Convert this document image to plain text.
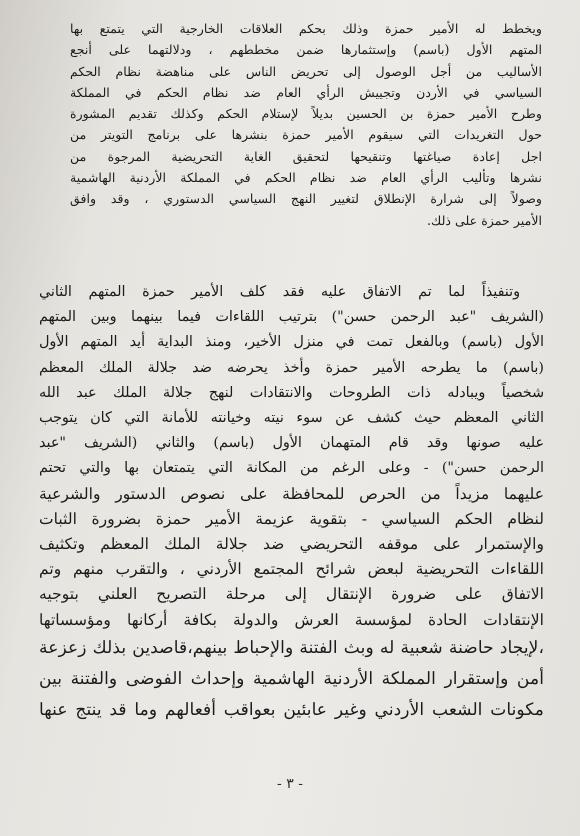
ويخطط له الأمير حمزة وذلك بحكم العلاقات الخارجية التي يتمتع بها
المتهم الأول (باسم) وإستثمارها ضمن مخططهم ، ودلالتهما على أنجع
الأساليب من أجل الوصول إلى تحريض الناس على مناهضة نظام الحكم
السياسي في الأردن وتجييش الرأي العام ضد نظام الحكم في المملكة
وطرح الأمير حمزة بن الحسين بديلاً لإستلام الحكم وكذلك تقديم المشورة
حول التغريدات التي سيقوم الأمير حمزة بنشرها على برنامج التويتر من
اجل إعادة صياغتها وتنقيحها لتحقيق الغاية التحريضية المرجوة من
نشرها وتأليب الرأي العام ضد نظام الحكم في المملكة الأردنية الهاشمية
وصولاً إلى شرارة الإنطلاق لتغيير النهج السياسي الدستوري ، وقد وافق
الأمير حمزة على ذلك.

وتنفيذاً لما تم الاتفاق عليه فقد كلف الأمير حمزة المتهم الثاني
(الشريف "عبد الرحمن حسن") بترتيب اللقاءات فيما بينهما وبين المتهم
الأول (باسم) وبالفعل تمت في منزل الأخير، ومنذ البداية أيد المتهم الأول
(باسم) ما يطرحه الأمير حمزة وأخذ يحرضه ضد جلالة الملك المعظم
شخصياً ويبادله ذات الطروحات والانتقادات لنهج جلالة الملك عبد الله
الثاني المعظم حيث كشف عن سوء نيته وخيانته للأمانة التي كان يتوجب
عليه صونها وقد قام المتهمان الأول (باسم) والثاني (الشريف "عبد
الرحمن حسن") - وعلى الرغم من المكانة التي يتمتعان بها والتي تحتم
عليهما مزيداً من الحرص للمحافظة على نصوص الدستور والشرعية
لنظام الحكم السياسي - بتقوية عزيمة الأمير حمزة بضرورة الثبات
والإستمرار على موقفه التحريضي ضد جلالة الملك المعظم وتكثيف
اللقاءات التحريضية لبعض شرائح المجتمع الأردني ، والتقرب منهم وتم
الاتفاق على ضرورة الإنتقال إلى مرحلة التصريح العلني بتوجيه
الإنتقادات الحادة لمؤسسة العرش والدولة بكافة أركانها ومؤسساتها
،لإيجاد حاضنة شعبية له وبث الفتنة والإحباط بينهم،قاصدين بذلك زعزعة
أمن وإستقرار المملكة الأردنية الهاشمية وإحداث الفوضى والفتنة بين
مكونات الشعب الأردني وغير عابئين بعواقب أفعالهم وما قد ينتج عنها

- ٣ -
